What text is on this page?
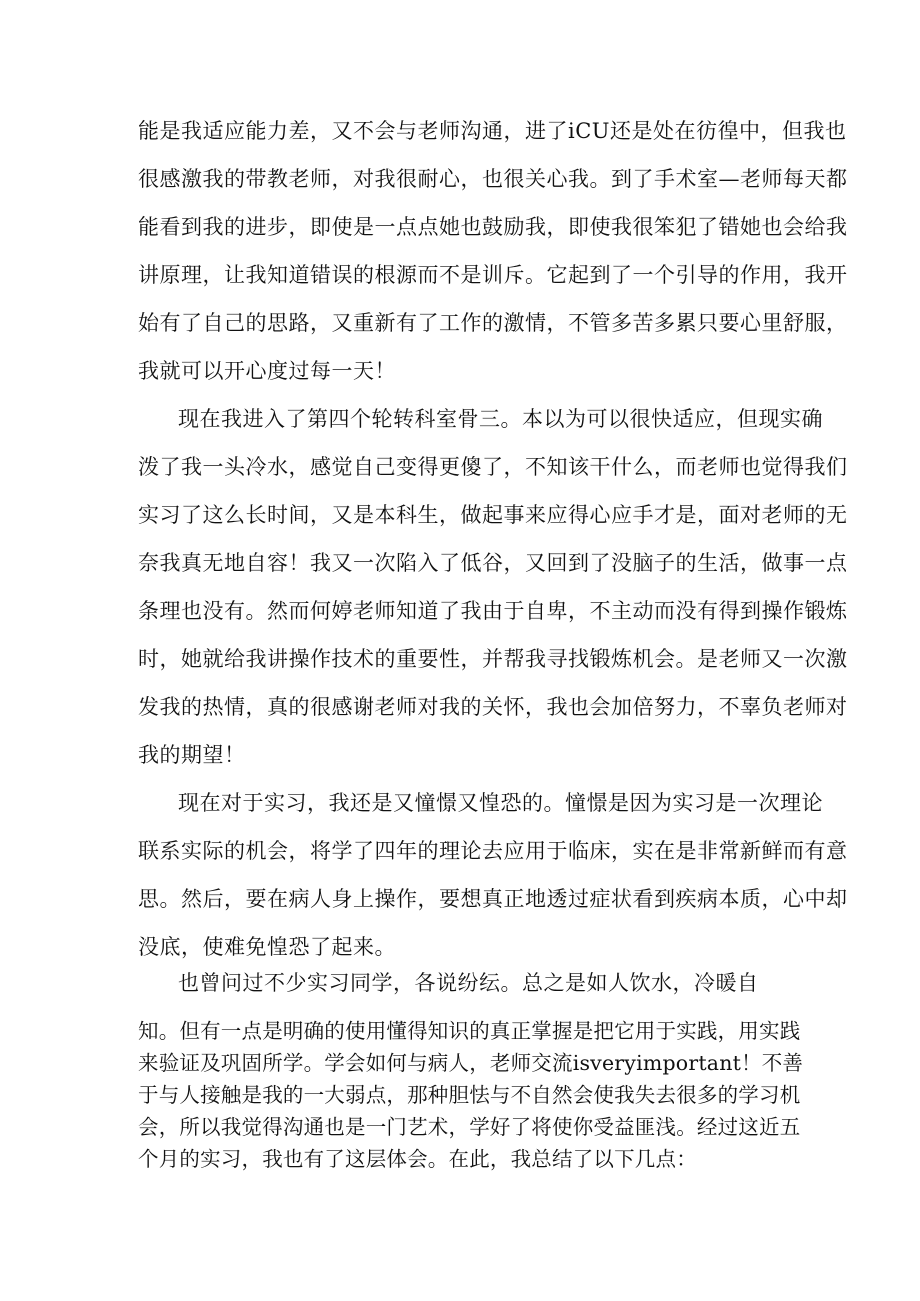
能是我适应能力差，又不会与老师沟通，进了iCU还是处在彷徨中，但我也
很感激我的带教老师，对我很耐心，也很关心我。到了手术室—老师每天都
能看到我的进步，即使是一点点她也鼓励我，即使我很笨犯了错她也会给我
讲原理，让我知道错误的根源而不是训斥。它起到了一个引导的作用，我开
始有了自己的思路，又重新有了工作的激情，不管多苦多累只要心里舒服，
我就可以开心度过每一天！
现在我进入了第四个轮转科室骨三。本以为可以很快适应，但现实确
泼了我一头冷水，感觉自己变得更傻了，不知该干什么，而老师也觉得我们
实习了这么长时间，又是本科生，做起事来应得心应手才是，面对老师的无
奈我真无地自容！我又一次陷入了低谷，又回到了没脑子的生活，做事一点
条理也没有。然而何婷老师知道了我由于自卑，不主动而没有得到操作锻炼
时，她就给我讲操作技术的重要性，并帮我寻找锻炼机会。是老师又一次激
发我的热情，真的很感谢老师对我的关怀，我也会加倍努力，不辜负老师对
我的期望！
现在对于实习，我还是又憧憬又惶恐的。憧憬是因为实习是一次理论
联系实际的机会，将学了四年的理论去应用于临床，实在是非常新鲜而有意
思。然后，要在病人身上操作，要想真正地透过症状看到疾病本质，心中却
没底，使难免惶恐了起来。
也曾问过不少实习同学，各说纷纭。总之是如人饮水，冷暖自
知。但有一点是明确的使用懂得知识的真正掌握是把它用于实践，用实践
来验证及巩固所学。学会如何与病人，老师交流isveryimportant！不善
于与人接触是我的一大弱点，那种胆怯与不自然会使我失去很多的学习机
会，所以我觉得沟通也是一门艺术，学好了将使你受益匪浅。经过这近五
个月的实习，我也有了这层体会。在此，我总结了以下几点：
